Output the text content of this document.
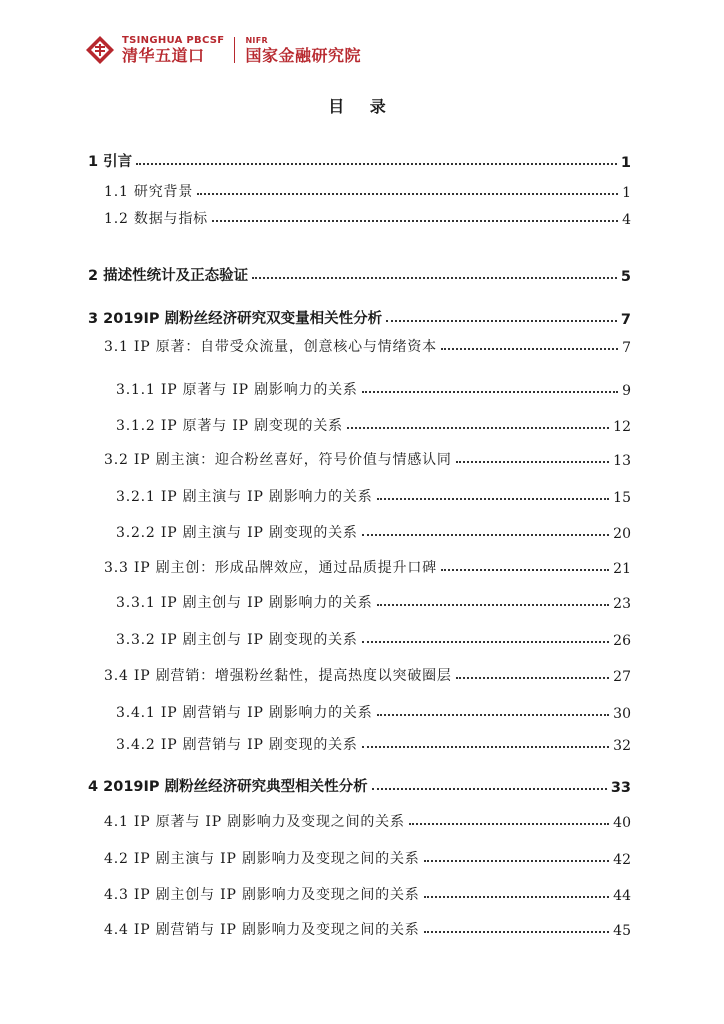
TSINGHUA PBCSF
清华五道口
NIFR
国家金融研究院
目 录
1 引言	1
1.1 研究背景	1
1.2 数据与指标	4
2 描述性统计及正态验证	5
3 2019IP 剧粉丝经济研究双变量相关性分析	7
3.1 IP 原著：自带受众流量，创意核心与情绪资本	7
3.1.1 IP 原著与 IP 剧影响力的关系	9
3.1.2 IP 原著与 IP 剧变现的关系	12
3.2 IP 剧主演：迎合粉丝喜好，符号价值与情感认同	13
3.2.1 IP 剧主演与 IP 剧影响力的关系	15
3.2.2 IP 剧主演与 IP 剧变现的关系	20
3.3 IP 剧主创：形成品牌效应，通过品质提升口碑	21
3.3.1 IP 剧主创与 IP 剧影响力的关系	23
3.3.2 IP 剧主创与 IP 剧变现的关系	26
3.4 IP 剧营销：增强粉丝黏性，提高热度以突破圈层	27
3.4.1 IP 剧营销与 IP 剧影响力的关系	30
3.4.2 IP 剧营销与 IP 剧变现的关系	32
4 2019IP 剧粉丝经济研究典型相关性分析	33
4.1 IP 原著与 IP 剧影响力及变现之间的关系	40
4.2 IP 剧主演与 IP 剧影响力及变现之间的关系	42
4.3 IP 剧主创与 IP 剧影响力及变现之间的关系	44
4.4 IP 剧营销与 IP 剧影响力及变现之间的关系	45
